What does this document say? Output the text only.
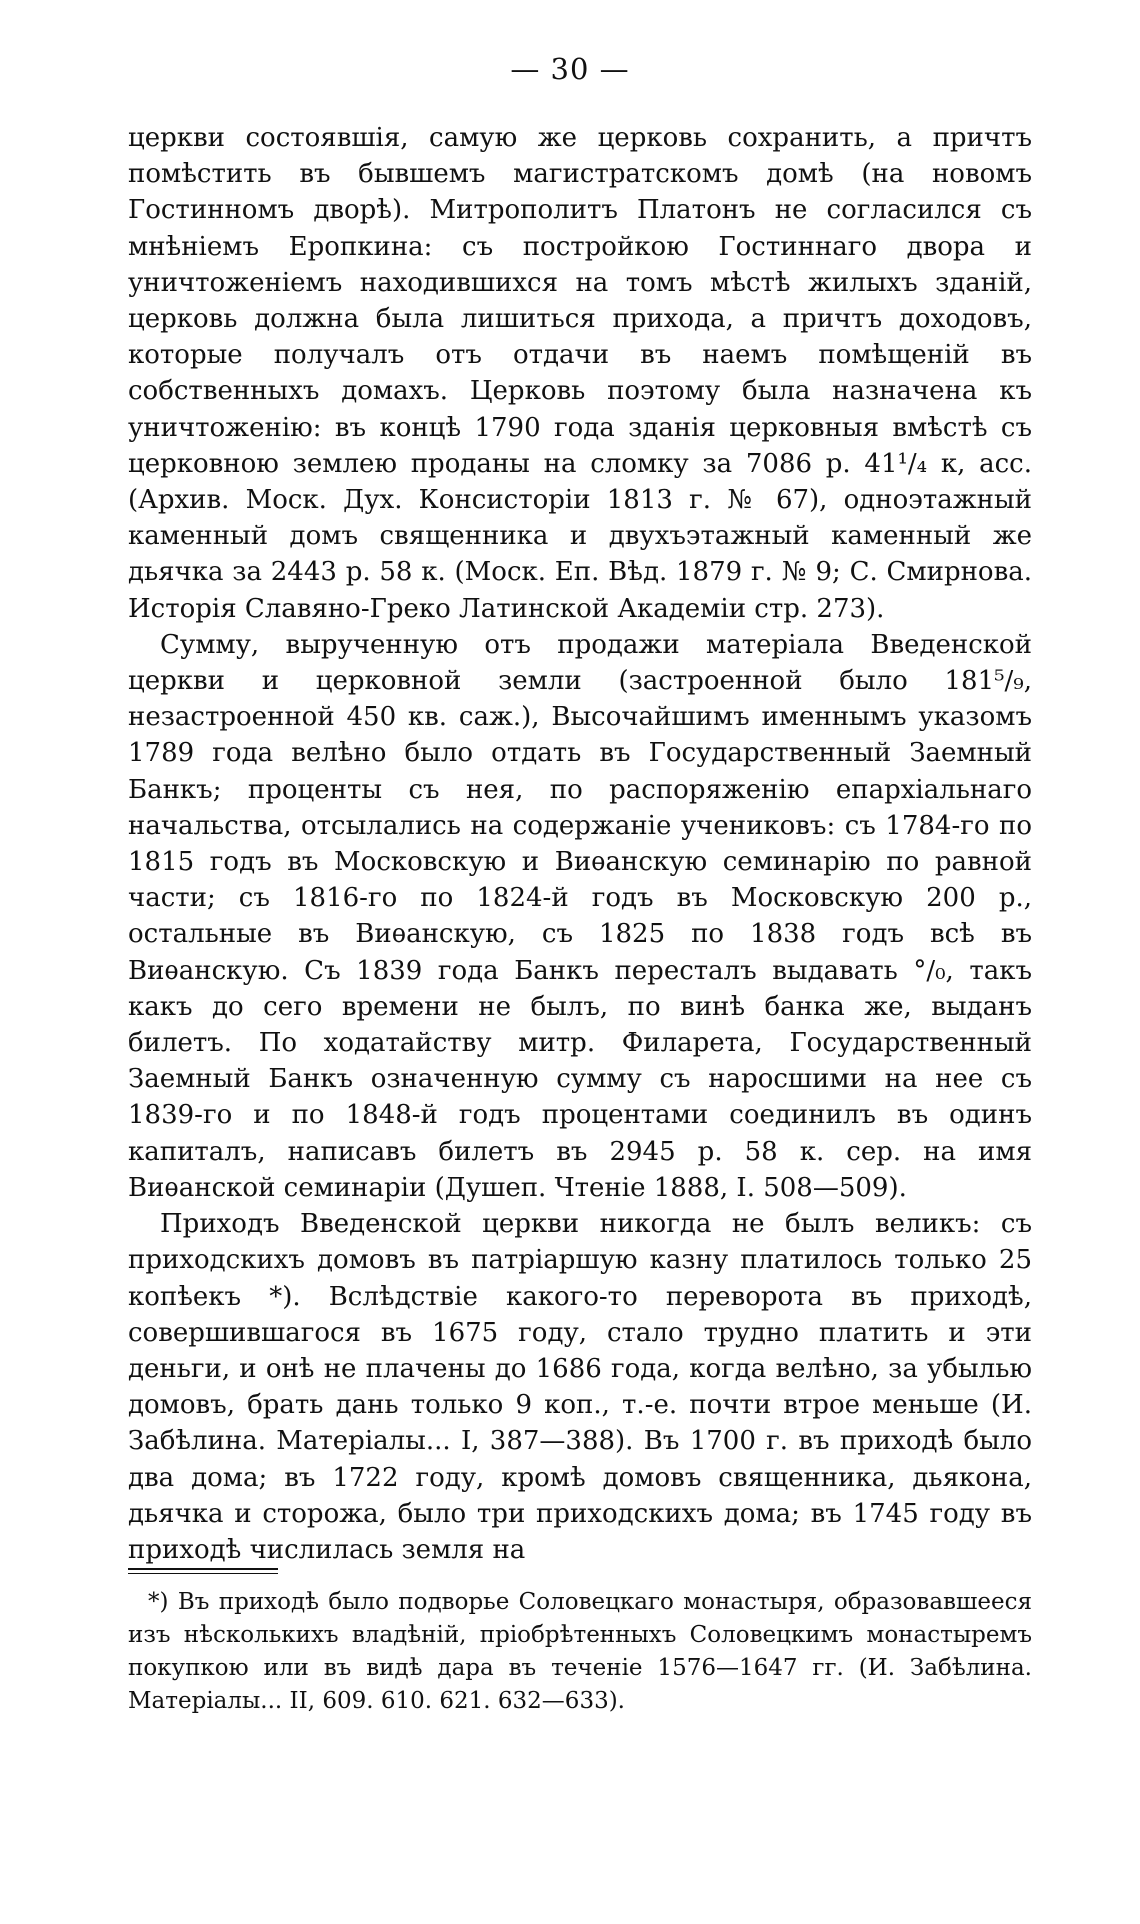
— 30 —

церкви состоявшія, самую же церковь сохранить, а причтъ помѣстить въ бывшемъ магистратскомъ домѣ (на новомъ Гостинномъ дворѣ). Митрополитъ Платонъ не согласился съ мнѣніемъ Еропкина: съ постройкою Гостиннаго двора и уничтоженіемъ находившихся на томъ мѣстѣ жилыхъ зданій, церковь должна была лишиться прихода, а причтъ доходовъ, которые получалъ отъ отдачи въ наемъ помѣщеній въ собственныхъ домахъ. Церковь поэтому была назначена къ уничтоженію: въ концѣ 1790 года зданія церковныя вмѣстѣ съ церковною землею проданы на сломку за 7086 р. 41¹/₄ к, асс. (Архив. Моск. Дух. Консисторіи 1813 г. № 67), одноэтажный каменный домъ священника и двухъэтажный каменный же дьячка за 2443 р. 58 к. (Моск. Еп. Вѣд. 1879 г. № 9; С. Смирнова. Исторія Славяно-Греко Латинской Академіи стр. 273).

Сумму, вырученную отъ продажи матеріала Введенской церкви и церковной земли (застроенной было 181⁵/₉, незастроенной 450 кв. саж.), Высочайшимъ именнымъ указомъ 1789 года велѣно было отдать въ Государственный Заемный Банкъ; проценты съ нея, по распоряженію епархіальнаго начальства, отсылались на содержаніе учениковъ: съ 1784-го по 1815 годъ въ Московскую и Виѳанскую семинарію по равной части; съ 1816-го по 1824-й годъ въ Московскую 200 р., остальные въ Виѳанскую, съ 1825 по 1838 годъ всѣ въ Виѳанскую. Съ 1839 года Банкъ пересталъ выдавать °/₀, такъ какъ до сего времени не былъ, по винѣ банка же, выданъ билетъ. По ходатайству митр. Филарета, Государственный Заемный Банкъ означенную сумму съ наросшими на нее съ 1839-го и по 1848-й годъ процентами соединилъ въ одинъ капиталъ, написавъ билетъ въ 2945 р. 58 к. сер. на имя Виѳанской семинаріи (Душеп. Чтеніе 1888, I. 508—509).

Приходъ Введенской церкви никогда не былъ великъ: съ приходскихъ домовъ въ патріаршую казну платилось только 25 копѣекъ *). Вслѣдствіе какого-то переворота въ приходѣ, совершившагося въ 1675 году, стало трудно платить и эти деньги, и онѣ не плачены до 1686 года, когда велѣно, за убылью домовъ, брать дань только 9 коп., т.-е. почти втрое меньше (И. Забѣлина. Матеріалы... I, 387—388). Въ 1700 г. въ приходѣ было два дома; въ 1722 году, кромѣ домовъ священника, дьякона, дьячка и сторожа, было три приходскихъ дома; въ 1745 году въ приходѣ числилась земля на

*) Въ приходѣ было подворье Соловецкаго монастыря, образовавшееся изъ нѣсколькихъ владѣній, пріобрѣтенныхъ Соловецкимъ монастыремъ покупкою или въ видѣ дара въ теченіе 1576—1647 гг. (И. Забѣлина. Матеріалы... II, 609. 610. 621. 632—633).
